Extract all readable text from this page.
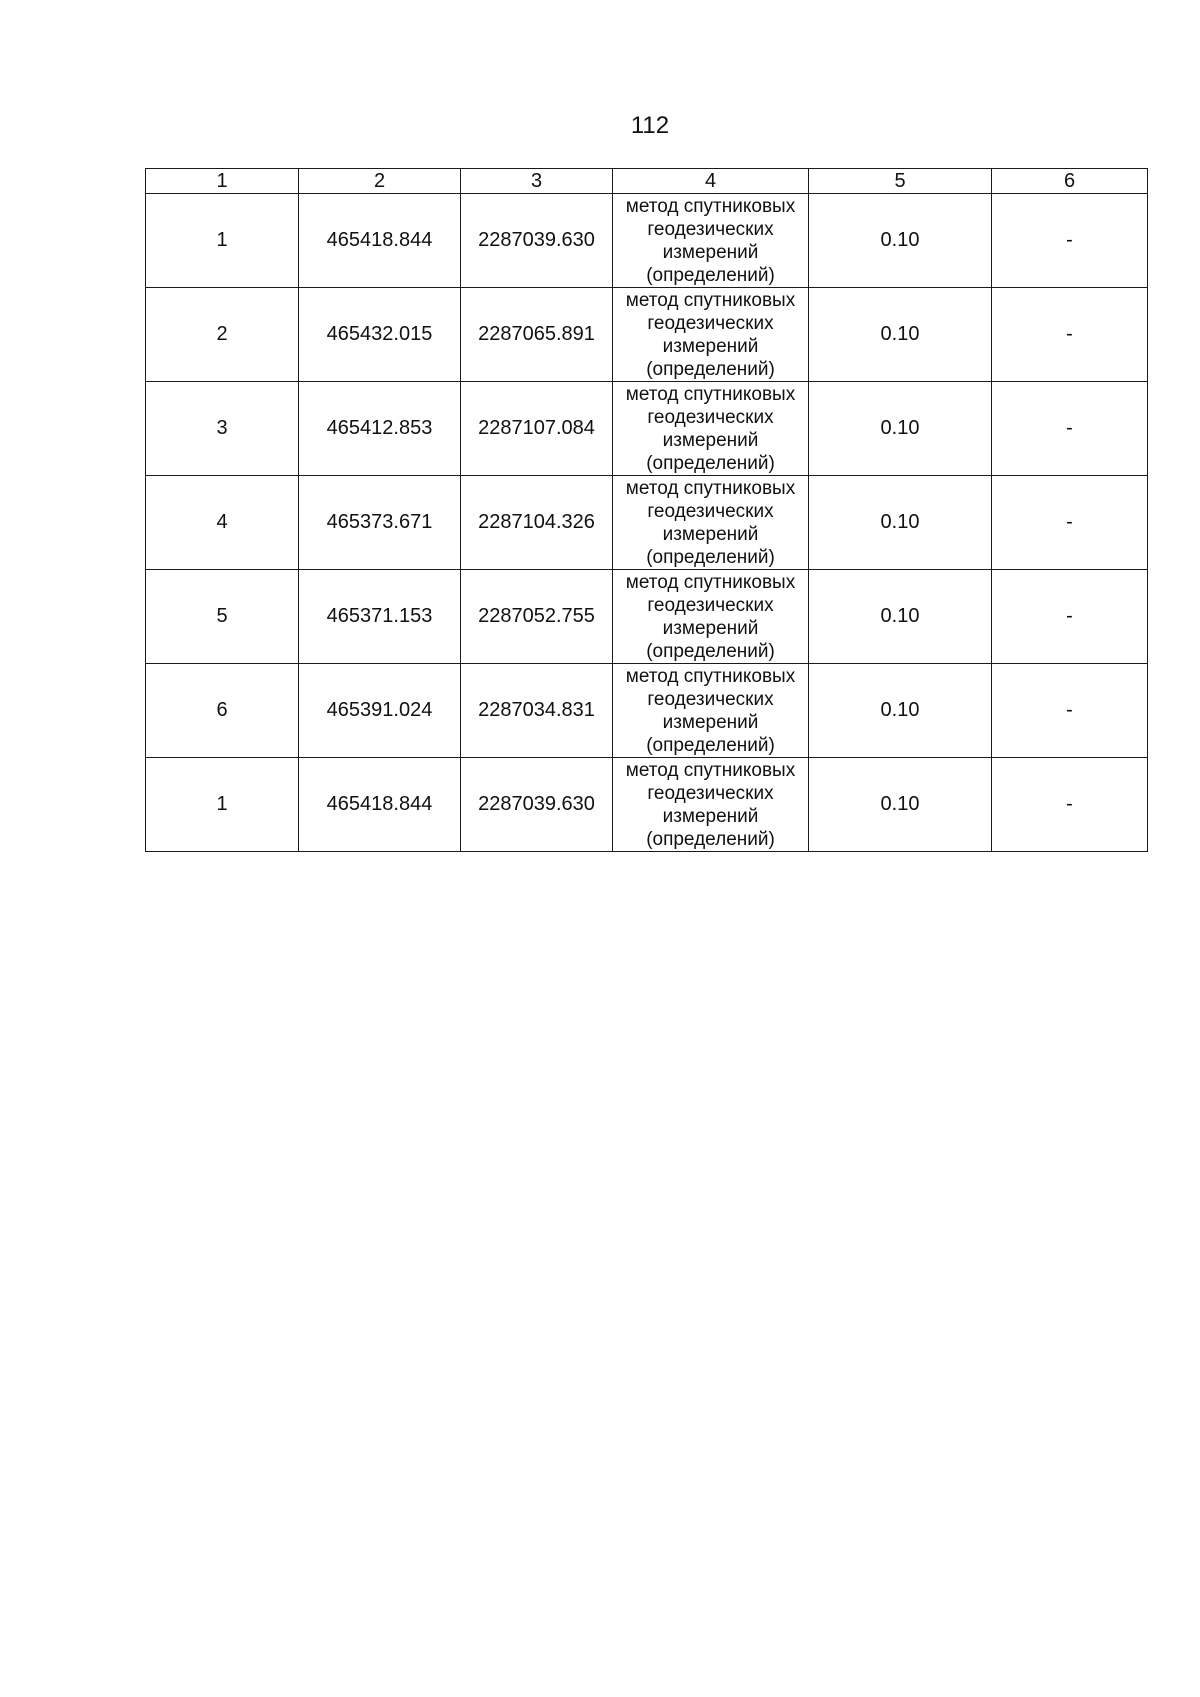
112
1	2	3	4	5	6
1	465418.844	2287039.630	метод спутниковых
геодезических
измерений
(определений)	0.10	-
2	465432.015	2287065.891	метод спутниковых
геодезических
измерений
(определений)	0.10	-
3	465412.853	2287107.084	метод спутниковых
геодезических
измерений
(определений)	0.10	-
4	465373.671	2287104.326	метод спутниковых
геодезических
измерений
(определений)	0.10	-
5	465371.153	2287052.755	метод спутниковых
геодезических
измерений
(определений)	0.10	-
6	465391.024	2287034.831	метод спутниковых
геодезических
измерений
(определений)	0.10	-
1	465418.844	2287039.630	метод спутниковых
геодезических
измерений
(определений)	0.10	-
